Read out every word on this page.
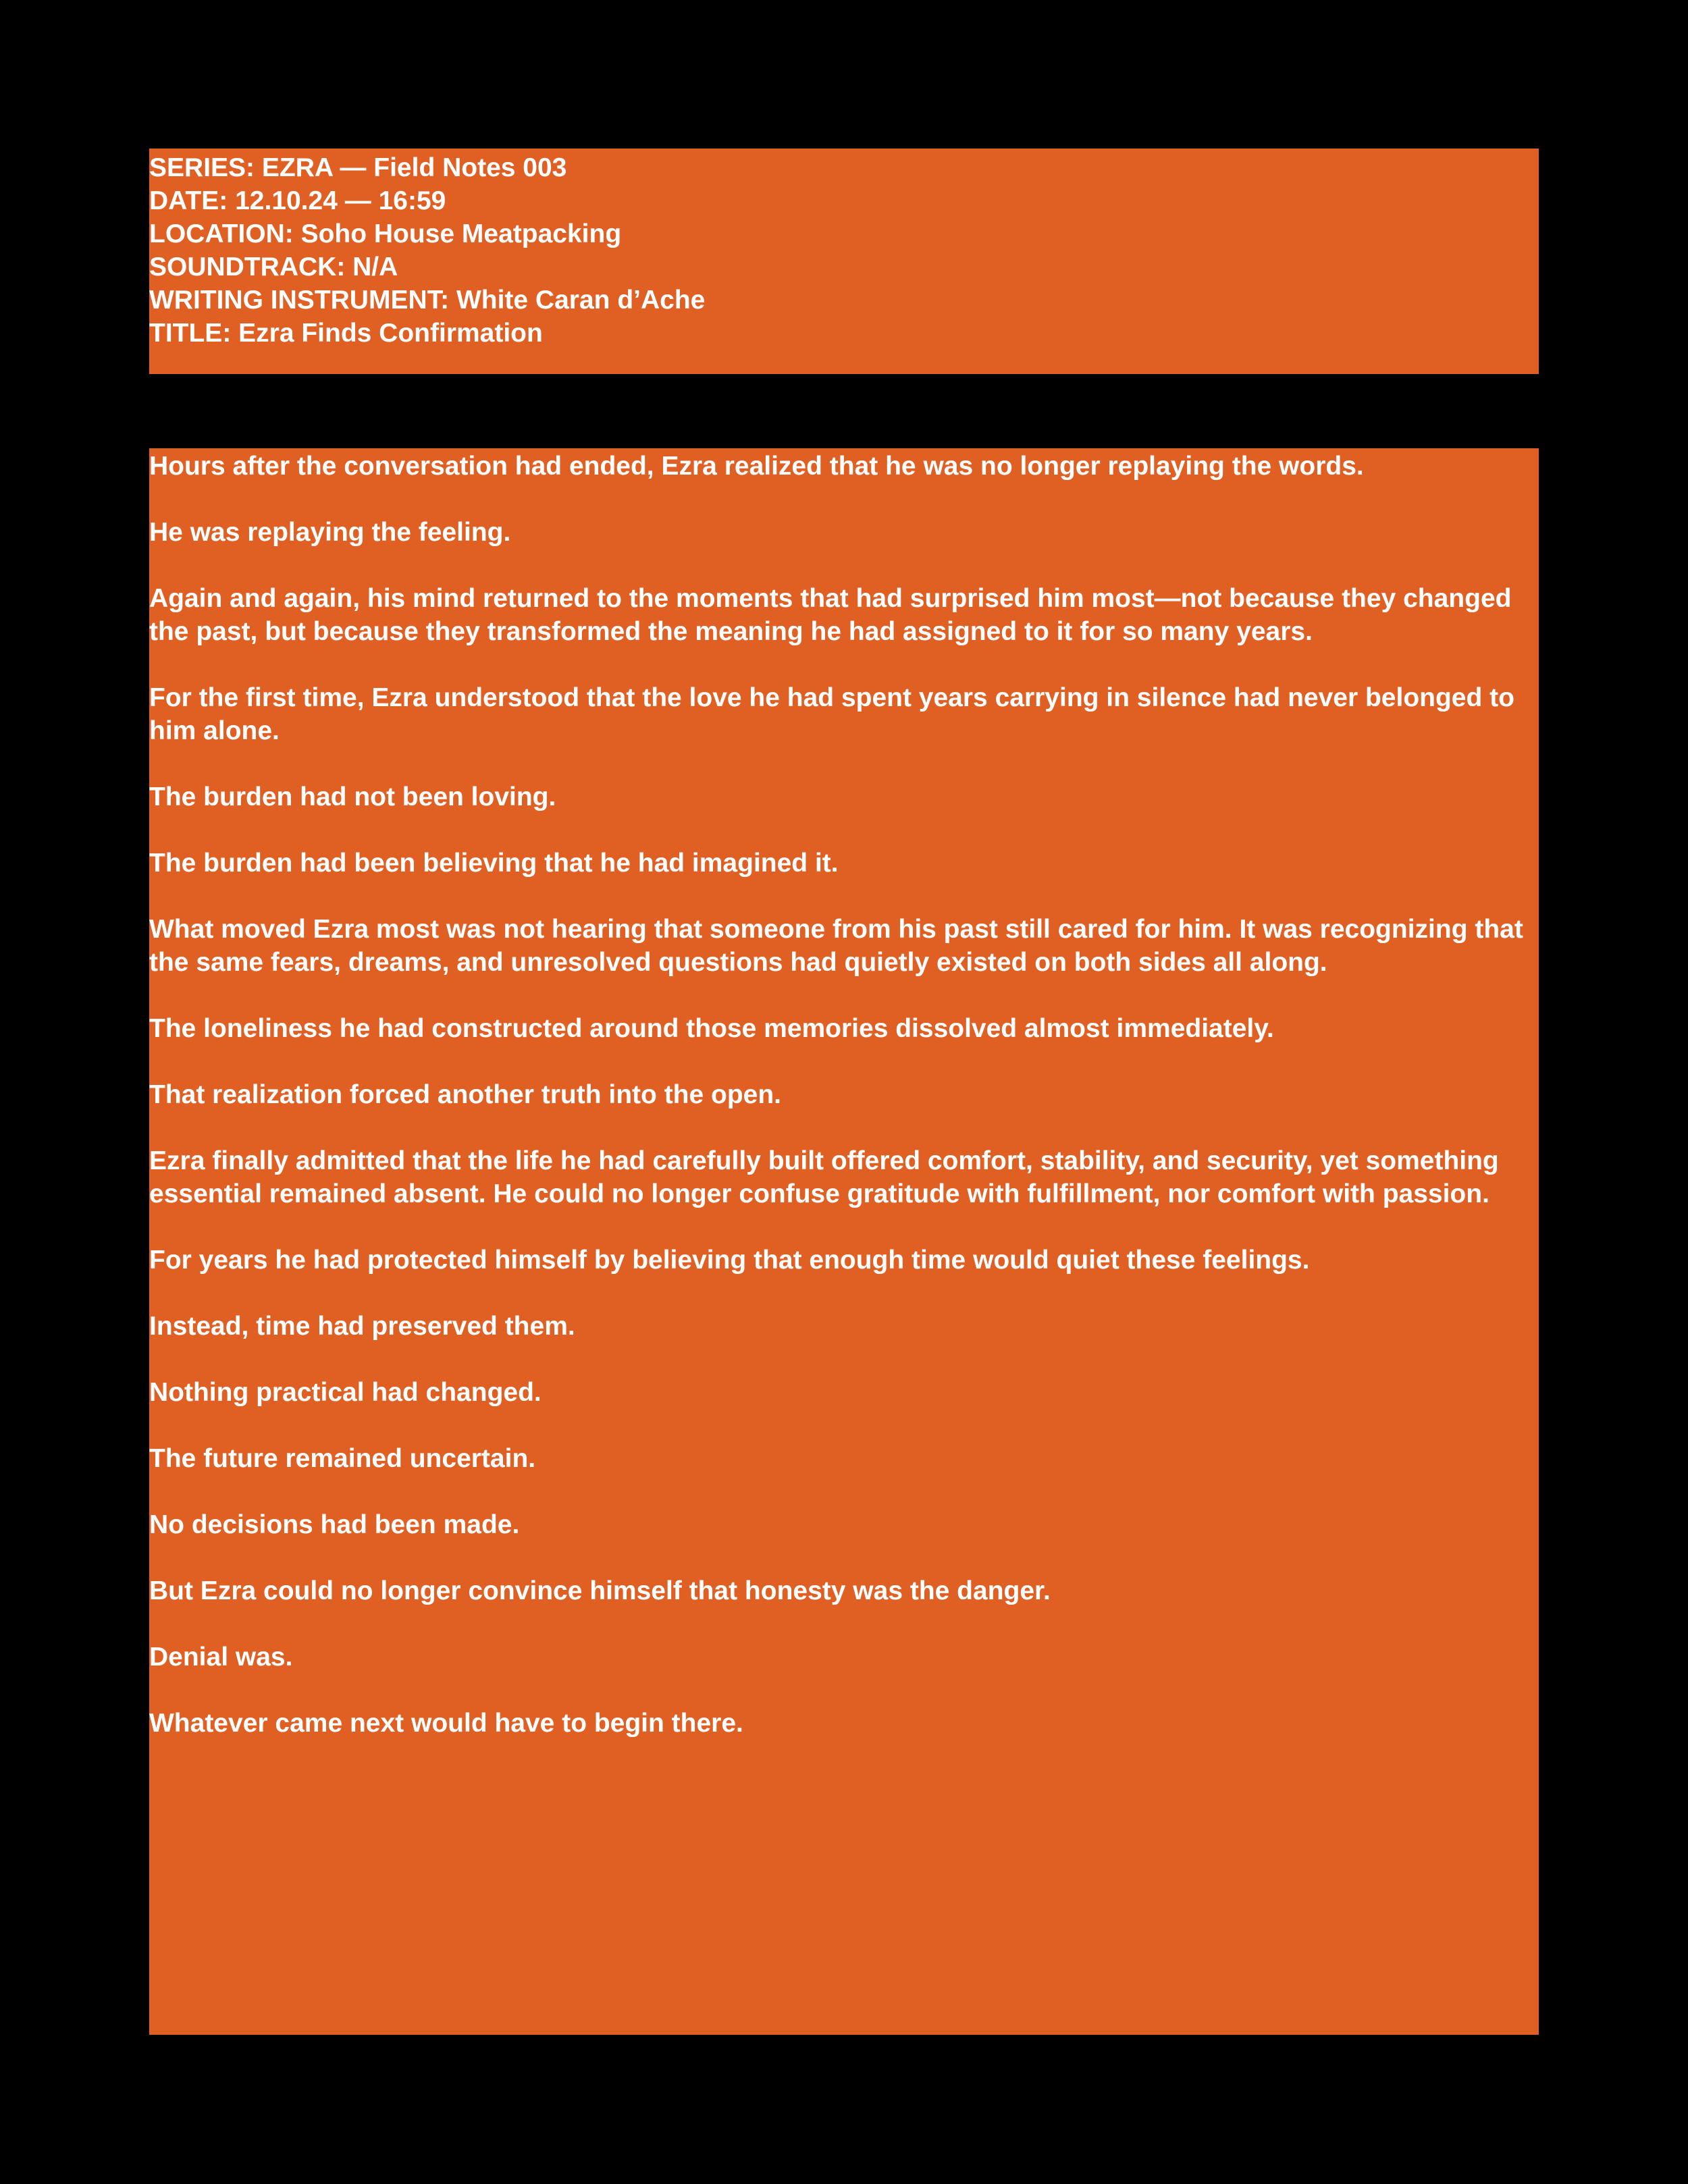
SERIES: EZRA — Field Notes 003

DATE: 12.10.24 — 16:59

LOCATION: Soho House Meatpacking

SOUNDTRACK: N/A

WRITING INSTRUMENT: White Caran d’Ache

TITLE: Ezra Finds Confirmation

Hours after the conversation had ended, Ezra realized that he was no longer replaying the words.

He was replaying the feeling.

Again and again, his mind returned to the moments that had surprised him most—not because they changed the past, but because they transformed the meaning he had assigned to it for so many years.

For the first time, Ezra understood that the love he had spent years carrying in silence had never belonged to him alone.

The burden had not been loving.

The burden had been believing that he had imagined it.

What moved Ezra most was not hearing that someone from his past still cared for him. It was recognizing that the same fears, dreams, and unresolved questions had quietly existed on both sides all along.

The loneliness he had constructed around those memories dissolved almost immediately.

That realization forced another truth into the open.

Ezra finally admitted that the life he had carefully built offered comfort, stability, and security, yet something essential remained absent. He could no longer confuse gratitude with fulfillment, nor comfort with passion.

For years he had protected himself by believing that enough time would quiet these feelings.

Instead, time had preserved them.

Nothing practical had changed.

The future remained uncertain.

No decisions had been made.

But Ezra could no longer convince himself that honesty was the danger.

Denial was.

Whatever came next would have to begin there.
